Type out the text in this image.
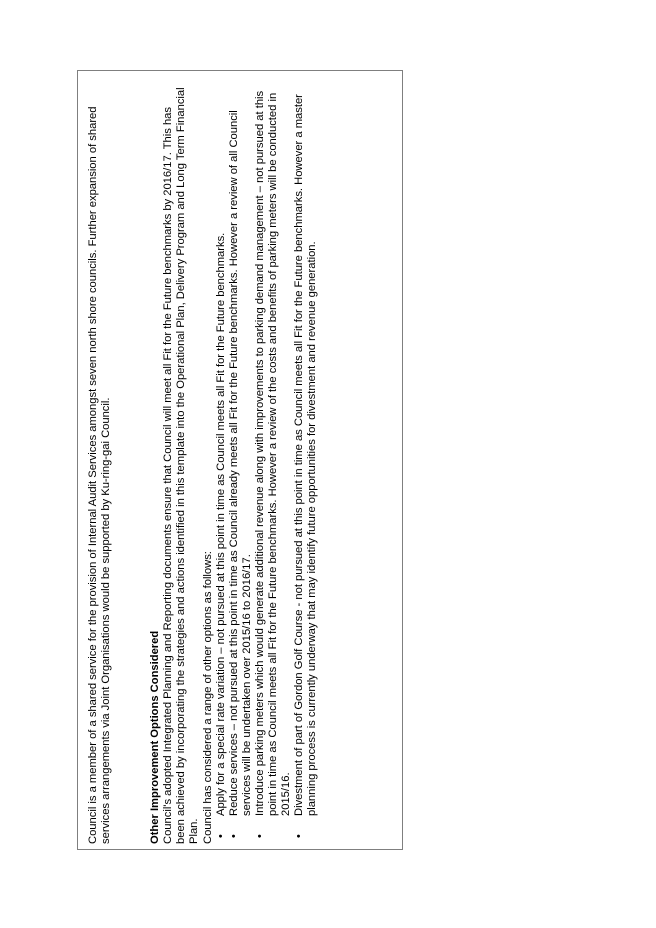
Council is a member of a shared service for the provision of Internal Audit Services amongst seven north shore councils. Further expansion of shared services arrangements via Joint Organisations would be supported by Ku-ring-gai Council.	Other Improvement Options Considered Council's adopted Integrated Planning and Reporting documents ensure that Council will meet all Fit for the Future benchmarks by 2016/17. This has been achieved by incorporating the strategies and actions identified in this template into the Operational Plan, Delivery Program and Long Term Financial Plan. Council has considered a range of other options as follows: •
Apply for a special rate variation – not pursued at this point in time as Council meets all Fit for the Future benchmarks.
•
Reduce services – not pursued at this point in time as Council already meets all Fit for the Future benchmarks. However a review of all Council services will be undertaken over 2015/16 to 2016/17.
•
Introduce parking meters which would generate additional revenue along with improvements to parking demand management – not pursued at this point in time as Council meets all Fit for the Future benchmarks. However a review of the costs and benefits of parking meters will be conducted in 2015/16.
•
Divestment of part of Gordon Golf Course - not pursued at this point in time as Council meets all Fit for the Future benchmarks. However a master planning process is currently underway that may identify future opportunities for divestment and revenue generation.
